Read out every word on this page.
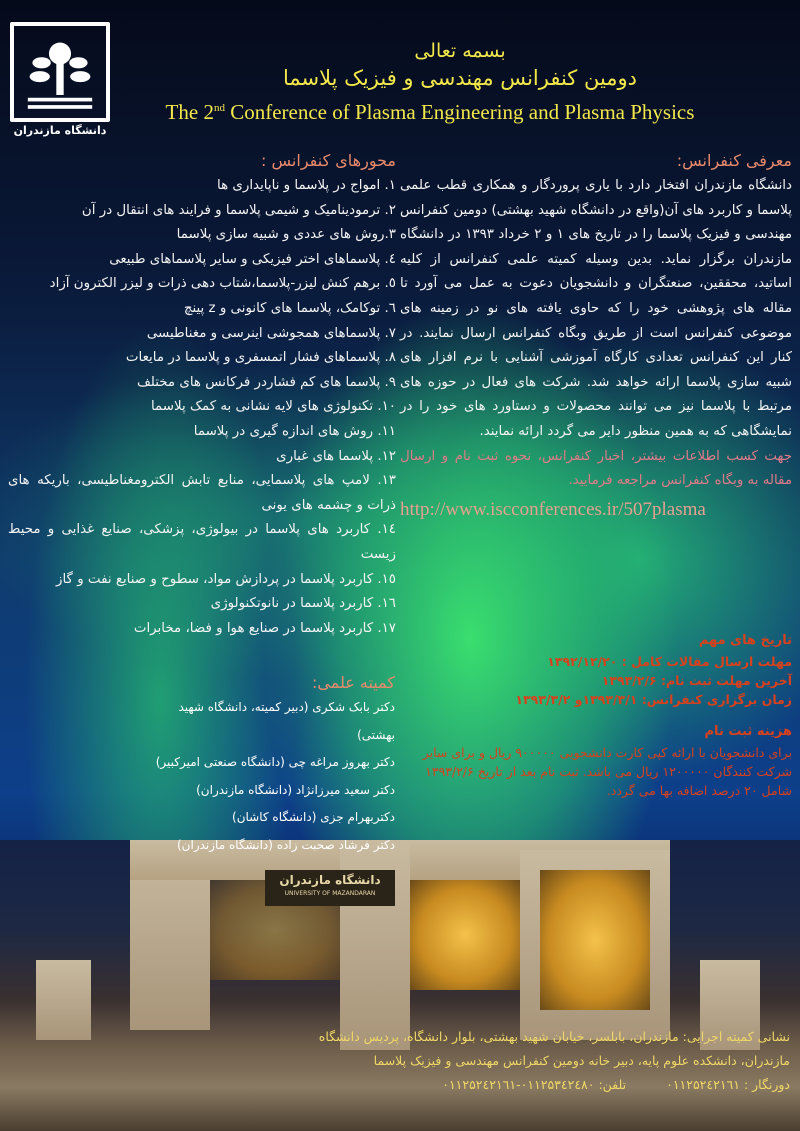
دانشگاه مازندران
UNIVERSITY OF MAZANDARAN
دانشگاه مازندران
بسمه تعالی
دومین کنفرانس مهندسی و فیزیک پلاسما
The 2nd Conference of Plasma Engineering and Plasma Physics
معرفی کنفرانس:
دانشگاه مازندران افتخار دارد با یاری پروردگار و همکاری قطب علمی پلاسما و کاربرد های آن(واقع در دانشگاه شهید بهشتی) دومین کنفرانس مهندسی و فیزیک پلاسما را در تاریخ های ۱ و ۲ خرداد ۱۳۹۳ در دانشگاه مازندران برگزار نماید. بدین وسیله کمیته علمی کنفرانس از کلیه اساتید، محققین، صنعتگران و دانشجویان دعوت به عمل می آورد تا مقاله های پژوهشی خود را که حاوی یافته های نو در زمینه های موضوعی کنفرانس است از طریق وبگاه کنفرانس ارسال نمایند. در کنار این کنفرانس تعدادی کارگاه آموزشی آشنایی با نرم افزار های شبیه سازی پلاسما ارائه خواهد شد. شرکت های فعال در حوزه های مرتبط با پلاسما نیز می توانند محصولات و دستاورد های خود را در نمایشگاهی که به همین منظور دایر می گردد ارائه نمایند.
جهت کسب اطلاعات بیشتر، اخبار کنفرانس، نحوه ثبت نام و ارسال مقاله به وبگاه کنفرانس مراجعه فرمایید.
http://www.iscconferences.ir/507plasma
تاریخ های مهم
مهلت ارسال مقالات کامل : ۱۳۹۲/۱۲/۲۰
آخرین مهلت ثبت نام: ۱۳۹۳/۲/۶
زمان برگزاری کنفرانس: ۱۳۹۳/۳/۱و ۱۳۹۳/۳/۲
هزینه ثبت نام
برای دانشجویان با ارائه کپی کارت دانشجویی ۹۰۰۰۰۰ ریال و برای سایر شرکت کنندگان ۱۲۰۰۰۰۰ ریال می باشد. ثبت نام بعد از تاریخ ۱۳۹۳/۲/۶ شامل ۲۰ درصد اضافه بها می گردد.
محورهای کنفرانس :
۱. امواج در پلاسما و ناپایداری ها
۲. ترمودینامیک و شیمی پلاسما و فرایند های انتقال در آن
۳.روش های عددی و شبیه سازی پلاسما
٤. پلاسماهای اختر فیزیکی و سایر پلاسماهای طبیعی
٥. برهم کنش لیزر-پلاسما،شتاب دهی ذرات و لیزر الکترون آزاد
٦. توکامک، پلاسما های کانونی و z پینچ
۷. پلاسماهای همجوشی اینرسی و مغناطیسی
۸. پلاسماهای فشار اتمسفری و پلاسما در مایعات
۹. پلاسما های کم فشاردر فرکانس های مختلف
۱۰. تکنولوژی های لایه نشانی به کمک پلاسما
۱۱. روش های اندازه گیری در پلاسما
۱۲. پلاسما های غباری
۱۳. لامپ های پلاسمایی، منابع تابش الکترومغناطیسی، باریکه های ذرات و چشمه های یونی
۱٤. کاربرد های پلاسما در بیولوژی، پزشکی، صنایع غذایی و محیط زیست
۱٥. کاربرد پلاسما در پردازش مواد، سطوح و صنایع نفت و گاز
۱٦. کاربرد پلاسما در نانوتکنولوژی
۱۷. کاربرد پلاسما در صنایع هوا و فضا، مخابرات
کمیته علمی:
دکتر بابک شکری (دبیر کمیته، دانشگاه شهید بهشتی)
دکتر بهروز مراغه چی (دانشگاه صنعتی امیرکبیر)
دکتر سعید میرزانژاد (دانشگاه مازندران)
دکتربهرام جزی (دانشگاه کاشان)
دکتر فرشاد صحبت زاده (دانشگاه مازندران)
نشانی کمیته اجرایی: مازندران، بابلسر، خیابان شهید بهشتی، بلوار دانشگاه، پردیس دانشگاه مازندران، دانشکده علوم پایه، دبیر خانه دومین کنفرانس مهندسی و فیزیک پلاسما
دورنگار : ۰۱۱۲۵۲٤۲۱٦۱
تلفن: ۰۱۱۲۵۳٤۲٤۸۰-۰۱۱۲۵۲٤۲۱٦۱
